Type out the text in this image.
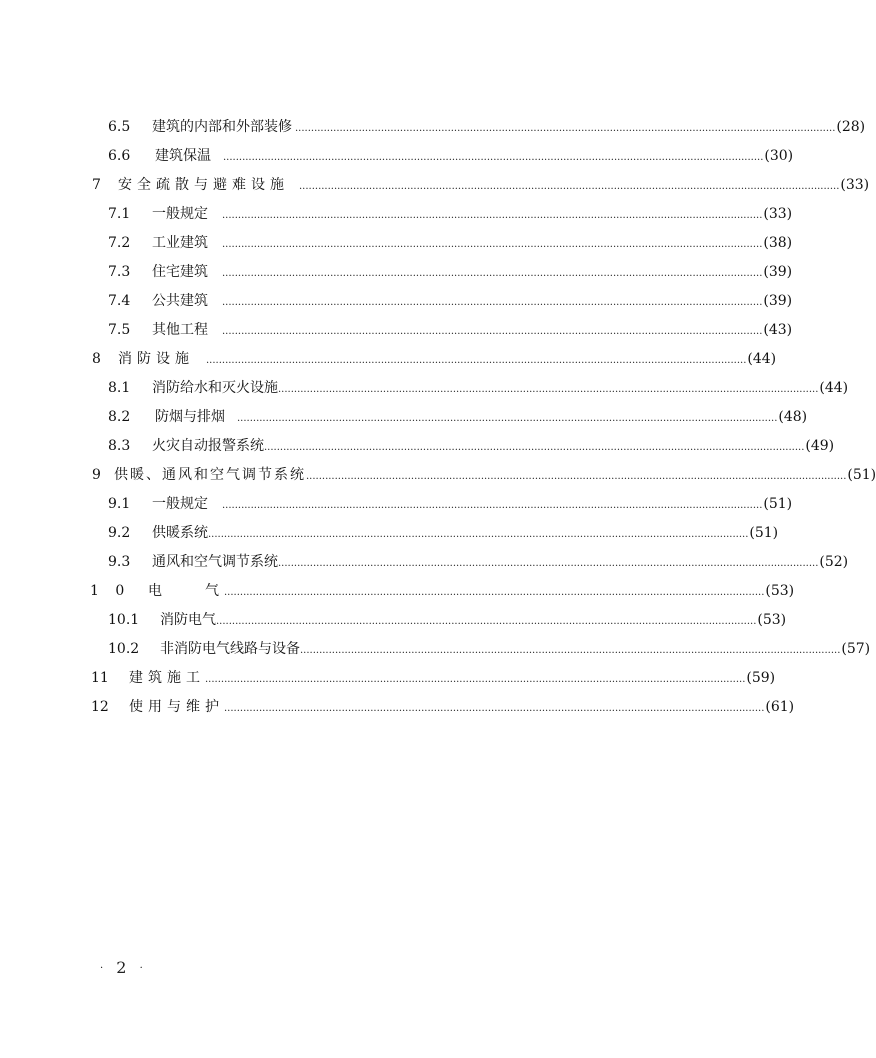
6.5	建筑的内部和外部装修 .......................................................................................................................................................................... (28)
6.6	建筑保温 .......................................................................................................................................................................... (30)
7	安全疏散与避难设施 .......................................................................................................................................................................... (33)
7.1	一般规定 .......................................................................................................................................................................... (33)
7.2	工业建筑 .......................................................................................................................................................................... (38)
7.3	住宅建筑 .......................................................................................................................................................................... (39)
7.4	公共建筑 .......................................................................................................................................................................... (39)
7.5	其他工程 .......................................................................................................................................................................... (43)
8	消防设施 .......................................................................................................................................................................... (44)
8.1	消防给水和灭火设施 .......................................................................................................................................................................... (44)
8.2	防烟与排烟 .......................................................................................................................................................................... (48)
8.3	火灾自动报警系统 .......................................................................................................................................................................... (49)
9 供暖、通风和空气调节系统 .......................................................................................................................................................................... (51)
9.1	一般规定 .......................................................................................................................................................................... (51)
9.2	供暖系统 .......................................................................................................................................................................... (51)
9.3	通风和空气调节系统 .......................................................................................................................................................................... (52)
1 0	电　　气 .......................................................................................................................................................................... (53)
10.1	消防电气 .......................................................................................................................................................................... (53)
10.2	非消防电气线路与设备 .......................................................................................................................................................................... (57)
11	建筑施工 .......................................................................................................................................................................... (59)
12	使用与维护 .......................................................................................................................................................................... (61)
· 2 ·
